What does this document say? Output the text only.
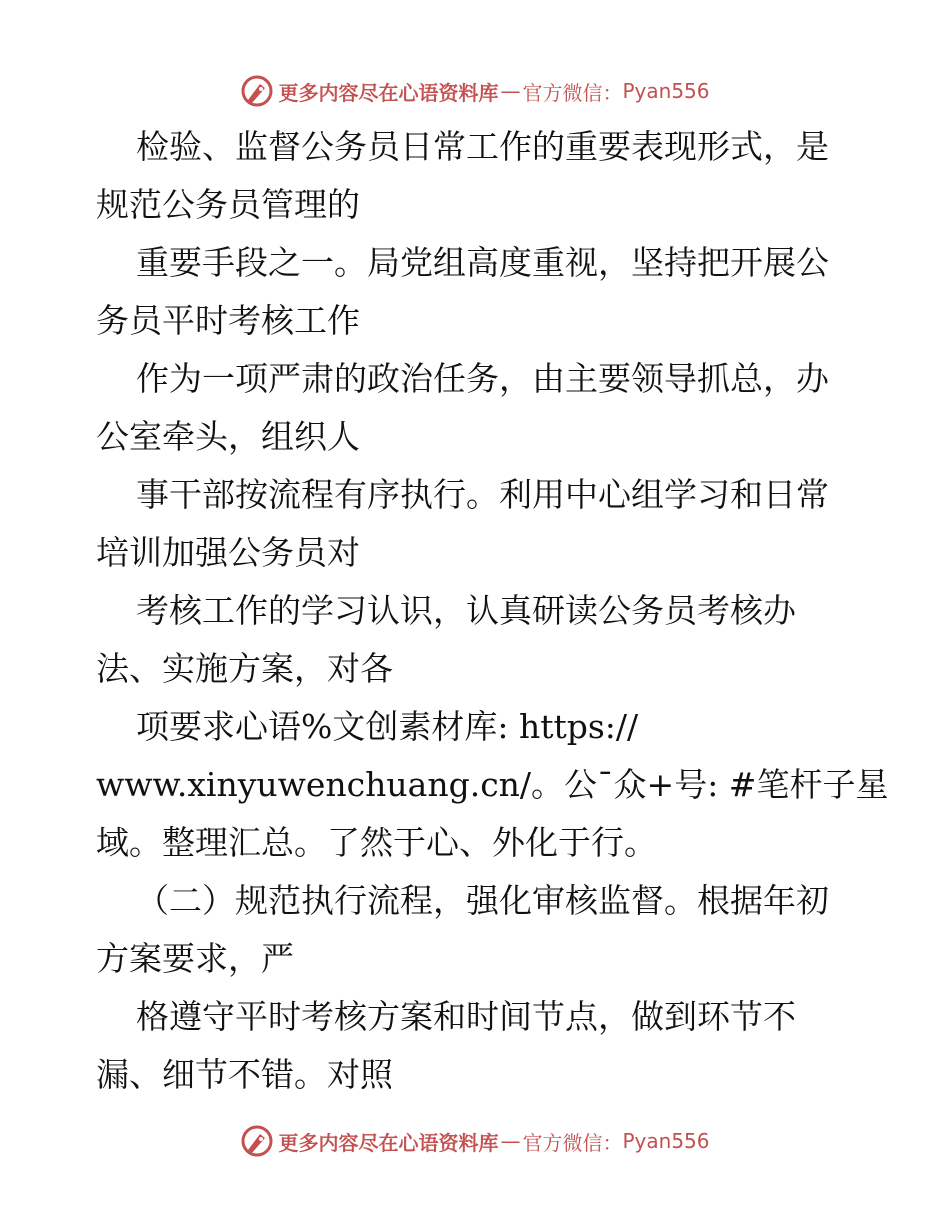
更多内容尽在心语资料库 — 官方微信： Pyan556
检验、监督公务员日常工作的重要表现形式，是
规范公务员管理的
重要手段之一。局党组高度重视，坚持把开展公
务员平时考核工作
作为一项严肃的政治任务，由主要领导抓总，办
公室牵头，组织人
事干部按流程有序执行。利用中心组学习和日常
培训加强公务员对
考核工作的学习认识，认真研读公务员考核办
法、实施方案，对各
项要求心语%文创素材库: https://
www.xinyuwenchuang.cn/。公¯众+号: #笔杆子星
域。整理汇总。了然于心、外化于行。
（二）规范执行流程，强化审核监督。根据年初
方案要求，严
格遵守平时考核方案和时间节点，做到环节不
漏、细节不错。对照
更多内容尽在心语资料库 — 官方微信： Pyan556
